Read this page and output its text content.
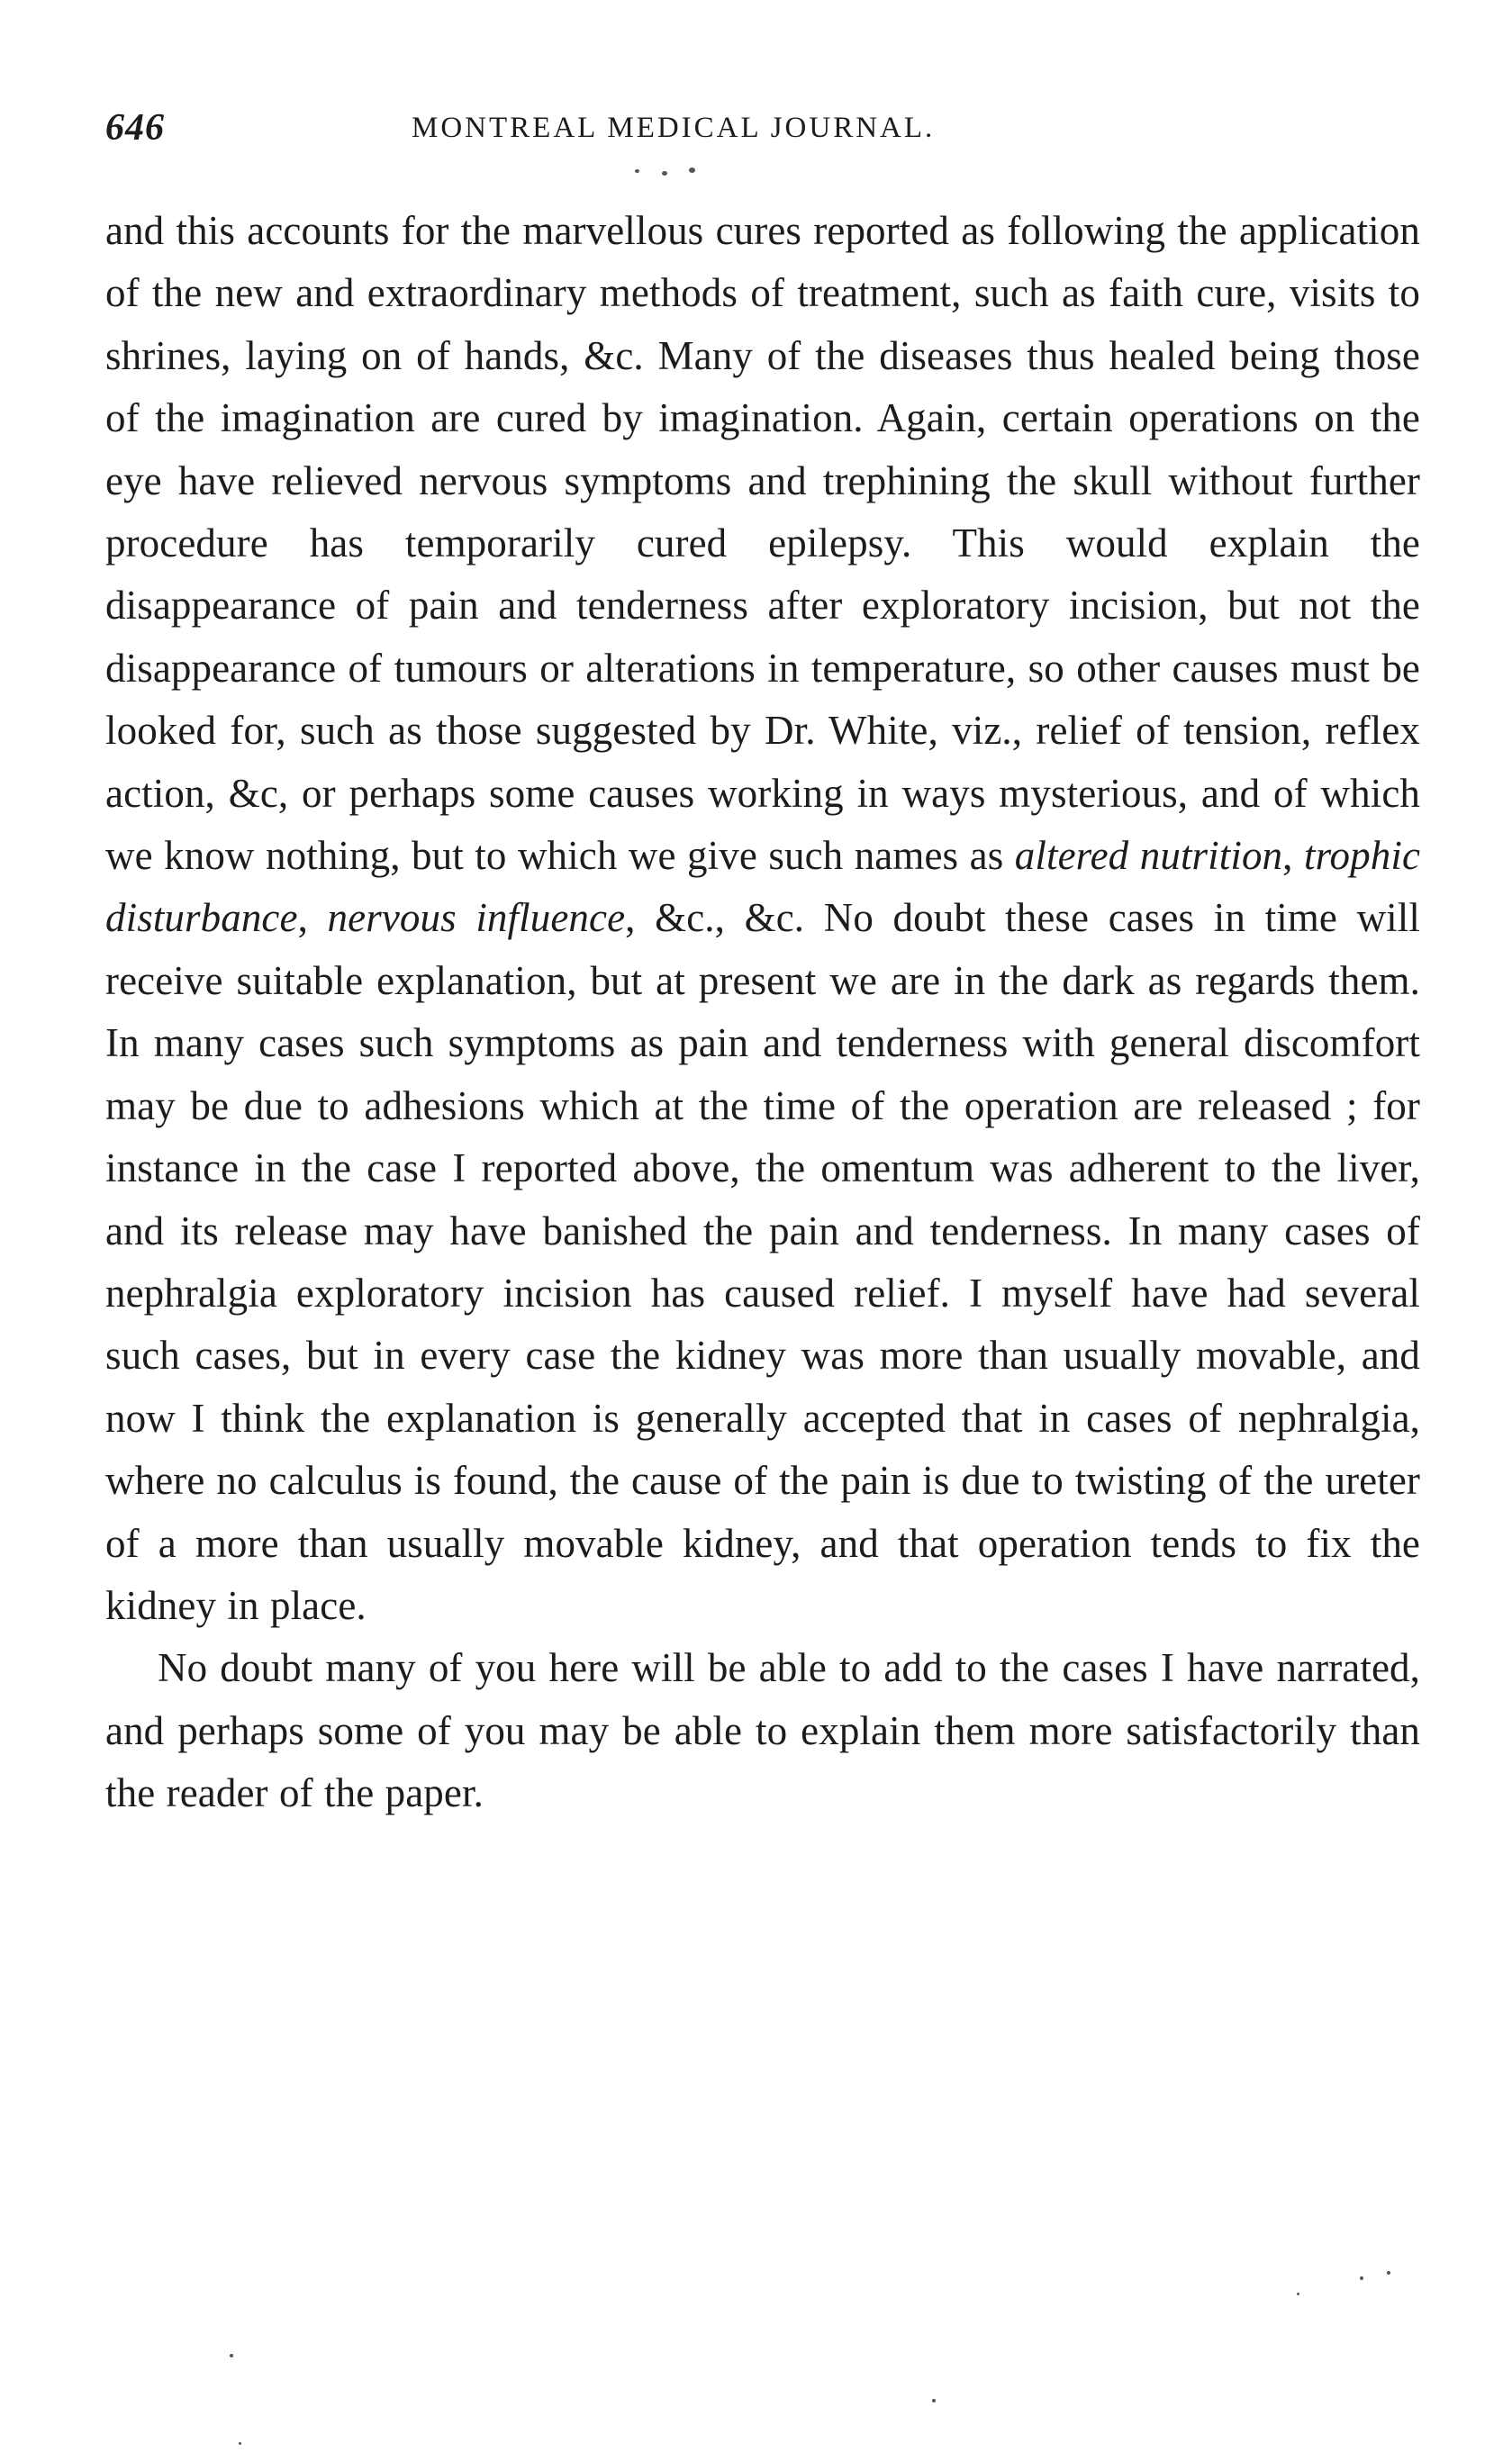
646	MONTREAL MEDICAL JOURNAL.

and this accounts for the marvellous cures reported as following the application of the new and extraordinary methods of treatment, such as faith cure, visits to shrines, laying on of hands, &c. Many of the diseases thus healed being those of the imagination are cured by imagination. Again, certain operations on the eye have relieved nervous symptoms and trephining the skull without further procedure has temporarily cured epilepsy. This would explain the disappearance of pain and tenderness after exploratory incision, but not the disappearance of tumours or alterations in temperature, so other causes must be looked for, such as those suggested by Dr. White, viz., relief of tension, reflex action, &c, or perhaps some causes working in ways mysterious, and of which we know nothing, but to which we give such names as altered nutrition, trophic disturbance, nervous influence, &c., &c. No doubt these cases in time will receive suitable explanation, but at present we are in the dark as regards them. In many cases such symptoms as pain and tenderness with general discomfort may be due to adhesions which at the time of the operation are released ; for instance in the case I reported above, the omentum was adherent to the liver, and its release may have banished the pain and tenderness. In many cases of nephralgia exploratory incision has caused relief. I myself have had several such cases, but in every case the kidney was more than usually movable, and now I think the explanation is generally accepted that in cases of nephralgia, where no calculus is found, the cause of the pain is due to twisting of the ureter of a more than usually movable kidney, and that operation tends to fix the kidney in place.

No doubt many of you here will be able to add to the cases I have narrated, and perhaps some of you may be able to explain them more satisfactorily than the reader of the paper.
